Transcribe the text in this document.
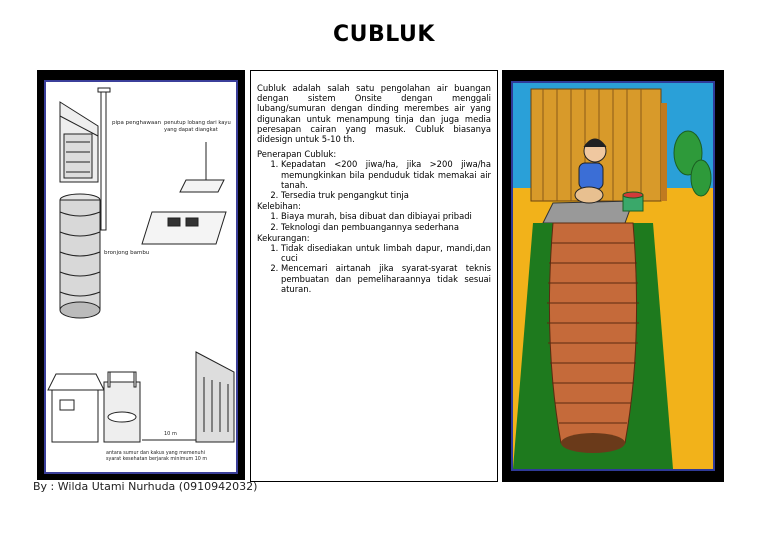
CUBLUK
pipa penghawaan
bronjong bambu
penutup lobang dari kayu yang dapat diangkat
10 m
antara sumur dan kakus yang memenuhi syarat kesehatan berjarak minimum 10 m

Cubluk adalah salah satu pengolahan air buangan dengan sistem Onsite dengan menggali lubang/sumuran dengan dinding merembes air yang digunakan untuk menampung tinja dan juga media peresapan cairan yang masuk. Cubluk biasanya didesign untuk 5-10 th.

Penerapan Cubluk:
1. Kepadatan <200 jiwa/ha, jika >200 jiwa/ha memungkinkan bila penduduk tidak memakai air tanah.
2. Tersedia truk pengangkut tinja
Kelebihan:
1. Biaya murah, bisa dibuat dan dibiayai pribadi
2. Teknologi dan pembuangannya sederhana
Kekurangan:
1. Tidak disediakan untuk limbah dapur, mandi,dan cuci
2. Mencemari airtanah jika syarat-syarat teknis pembuatan dan pemeliharaannya tidak sesuai aturan.
By : Wilda Utami Nurhuda (0910942032)
